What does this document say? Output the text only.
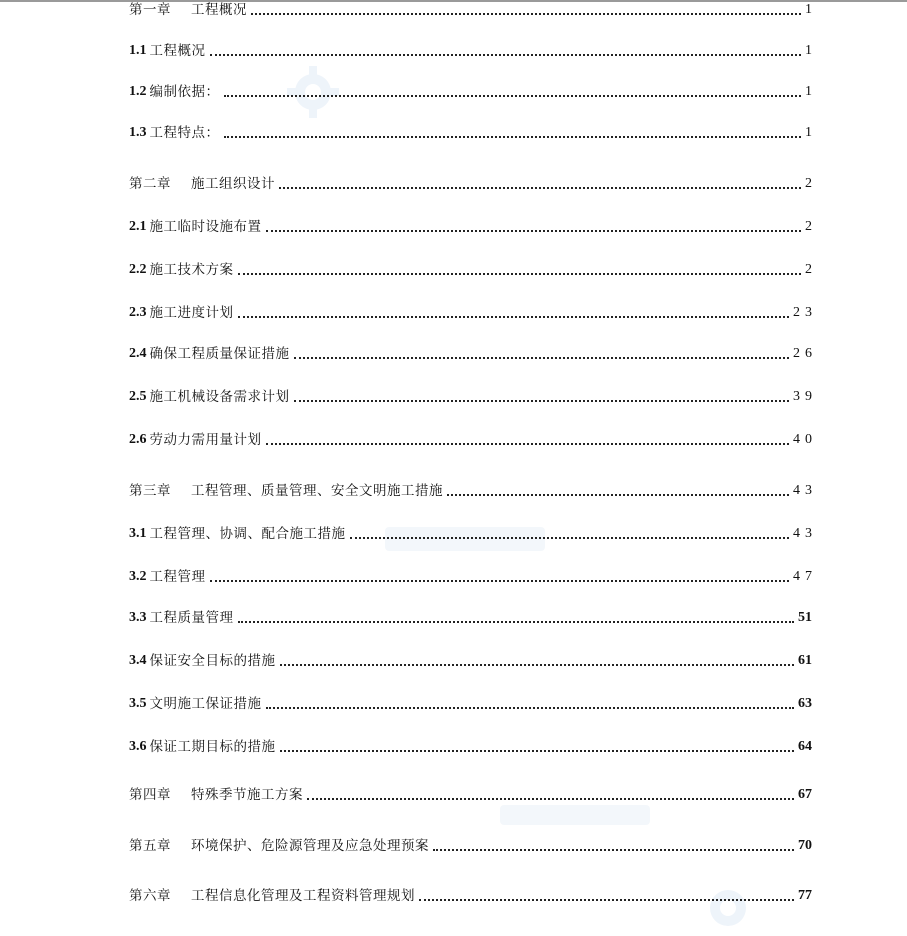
第一章 工程概况	1
1.1 工程概况	1
1.2 编制依据：	1
1.3 工程特点：	1
第二章 施工组织设计	2
2.1 施工临时设施布置	2
2.2 施工技术方案	2
2.3 施工进度计划	23
2.4 确保工程质量保证措施	26
2.5 施工机械设备需求计划	39
2.6 劳动力需用量计划	40
第三章 工程管理、质量管理、安全文明施工措施	43
3.1 工程管理、协调、配合施工措施	43
3.2 工程管理	47
3.3 工程质量管理	51
3.4 保证安全目标的措施	61
3.5 文明施工保证措施	63
3.6 保证工期目标的措施	64
第四章 特殊季节施工方案	67
第五章 环境保护、危险源管理及应急处理预案	70
第六章 工程信息化管理及工程资料管理规划	77
